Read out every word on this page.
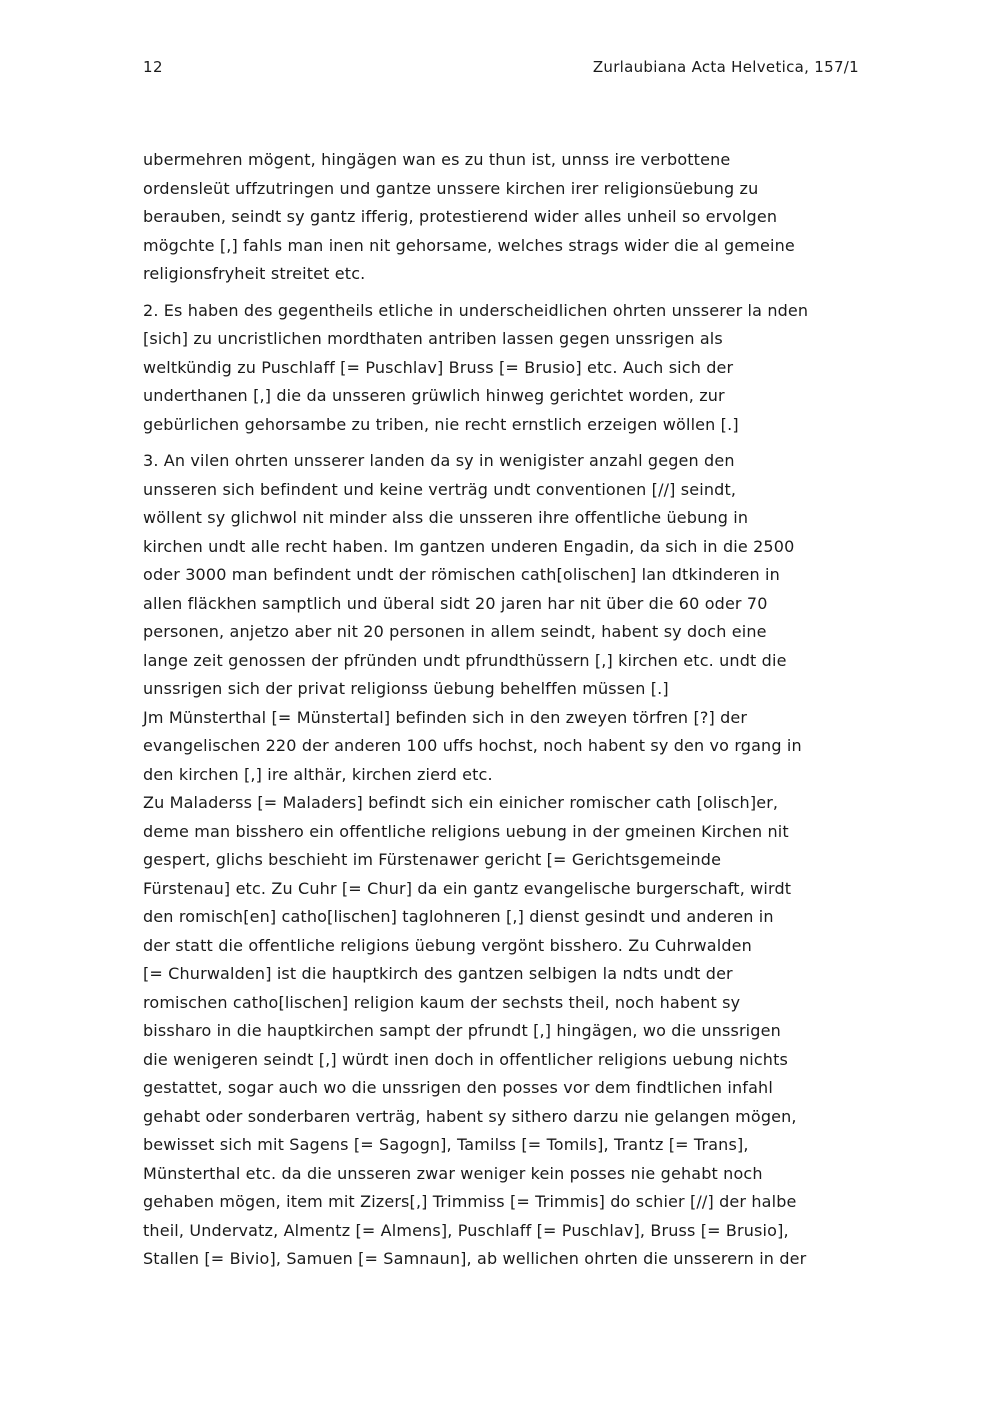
12	Zurlaubiana Acta Helvetica, 157/1
ubermehren mögent, hingägen wan es zu thun ist, unnss ire verbottene
ordensleüt uffzutringen und gantze unssere kirchen irer religionsüebung zu
berauben, seindt sy gantz ifferig, protestierend wider alles unheil so ervolgen
mögchte [,] fahls man inen nit gehorsame, welches strags wider die al gemeine
religionsfryheit streitet etc.
2. Es haben des gegentheils etliche in underscheidlichen ohrten unsserer la nden
[sich] zu uncristlichen mordthaten antriben lassen gegen unssrigen als
weltkündig zu Puschlaff [= Puschlav] Bruss [= Brusio] etc. Auch sich der
underthanen [,] die da unsseren grüwlich hinweg gerichtet worden, zur
gebürlichen gehorsambe zu triben, nie recht ernstlich erzeigen wöllen [.]
3. An vilen ohrten unsserer landen da sy in wenigister anzahl gegen den
unsseren sich befindent und keine verträg undt conventionen [//] seindt,
wöllent sy glichwol nit minder alss die unsseren ihre offentliche üebung in
kirchen undt alle recht haben. Im gantzen underen Engadin, da sich in die 2500
oder 3000 man befindent undt der römischen cath[olischen] lan dtkinderen in
allen fläckhen samptlich und überal sidt 20 jaren har nit über die 60 oder 70
personen, anjetzo aber nit 20 personen in allem seindt, habent sy doch eine
lange zeit genossen der pfründen undt pfrundthüssern [,] kirchen etc. undt die
unssrigen sich der privat religionss üebung behelffen müssen [.]
Jm Münsterthal [= Münstertal] befinden sich in den zweyen törfren [?] der
evangelischen 220 der anderen 100 uffs hochst, noch habent sy den vo rgang in
den kirchen [,] ire althär, kirchen zierd etc.
Zu Maladerss [= Maladers] befindt sich ein einicher romischer cath [olisch]er,
deme man bisshero ein offentliche religions uebung in der gmeinen Kirchen nit
gespert, glichs beschieht im Fürstenawer gericht [= Gerichtsgemeinde
Fürstenau] etc. Zu Cuhr [= Chur] da ein gantz evangelische burgerschaft, wirdt
den romisch[en] catho[lischen] taglohneren [,] dienst gesindt und anderen in
der statt die offentliche religions üebung vergönt bisshero. Zu Cuhrwalden
[= Churwalden] ist die hauptkirch des gantzen selbigen la ndts undt der
romischen catho[lischen] religion kaum der sechsts theil, noch habent sy
bissharo in die hauptkirchen sampt der pfrundt [,] hingägen, wo die unssrigen
die wenigeren seindt [,] würdt inen doch in offentlicher religions uebung nichts
gestattet, sogar auch wo die unssrigen den posses vor dem findtlichen infahl
gehabt oder sonderbaren verträg, habent sy sithero darzu nie gelangen mögen,
bewisset sich mit Sagens [= Sagogn], Tamilss [= Tomils], Trantz [= Trans],
Münsterthal etc. da die unsseren zwar weniger kein posses nie gehabt noch
gehaben mögen, item mit Zizers[,] Trimmiss [= Trimmis] do schier [//] der halbe
theil, Undervatz, Almentz [= Almens], Puschlaff [= Puschlav], Bruss [= Brusio],
Stallen [= Bivio], Samuen [= Samnaun], ab wellichen ohrten die unsserern in der
